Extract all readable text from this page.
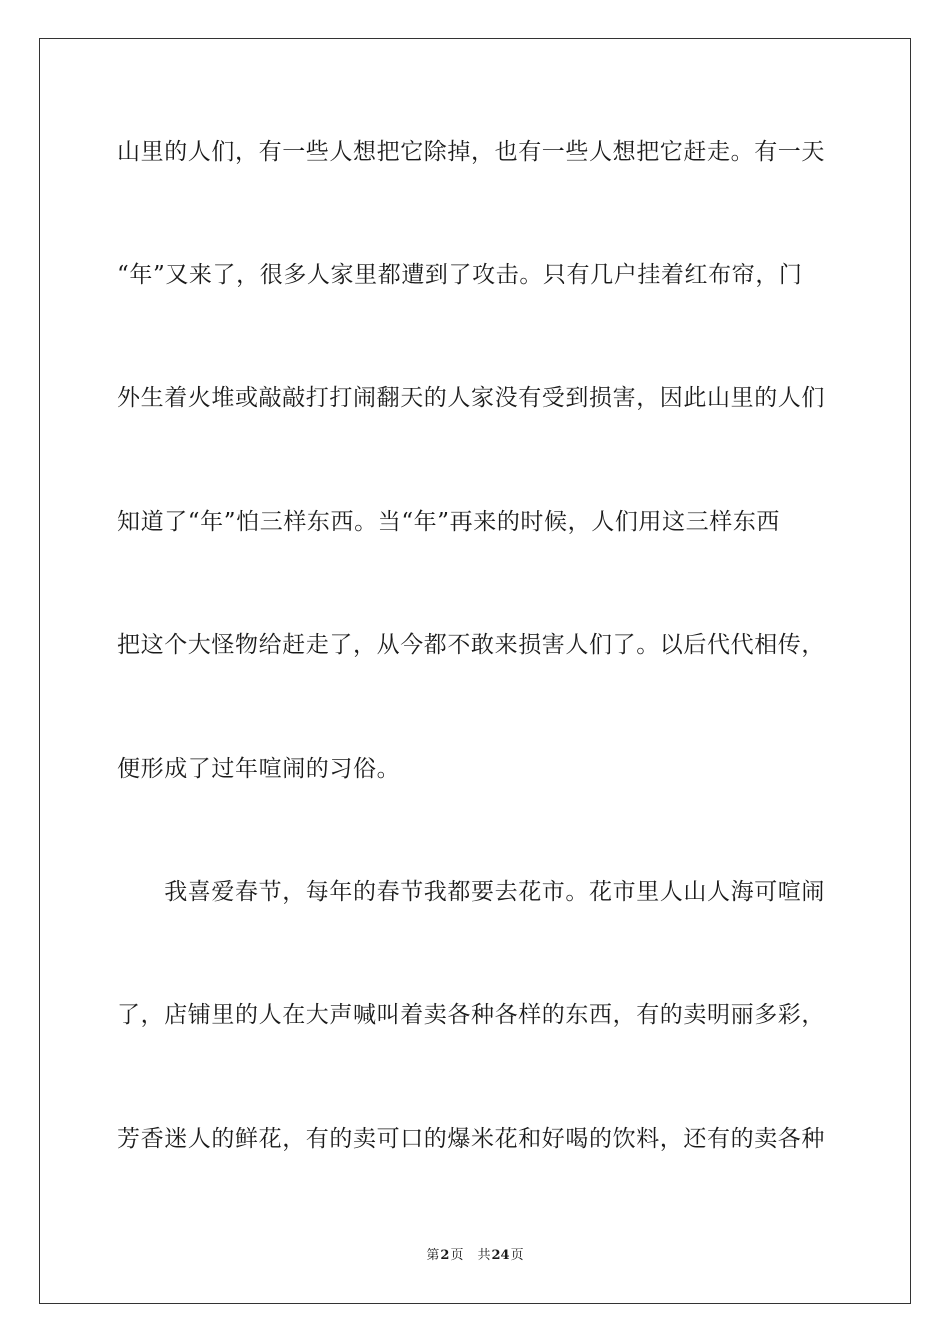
山里的人们，有一些人想把它除掉，也有一些人想把它赶走。有一天
“年”又来了，很多人家里都遭到了攻击。只有几户挂着红布帘，门
外生着火堆或敲敲打打闹翻天的人家没有受到损害，因此山里的人们
知道了“年”怕三样东西。当“年”再来的时候，人们用这三样东西
把这个大怪物给赶走了，从今都不敢来损害人们了。以后代代相传，
便形成了过年喧闹的习俗。
　　我喜爱春节，每年的春节我都要去花市。花市里人山人海可喧闹
了，店铺里的人在大声喊叫着卖各种各样的东西，有的卖明丽多彩，
芳香迷人的鲜花，有的卖可口的爆米花和好喝的饮料，还有的卖各种
第2页 共24页
